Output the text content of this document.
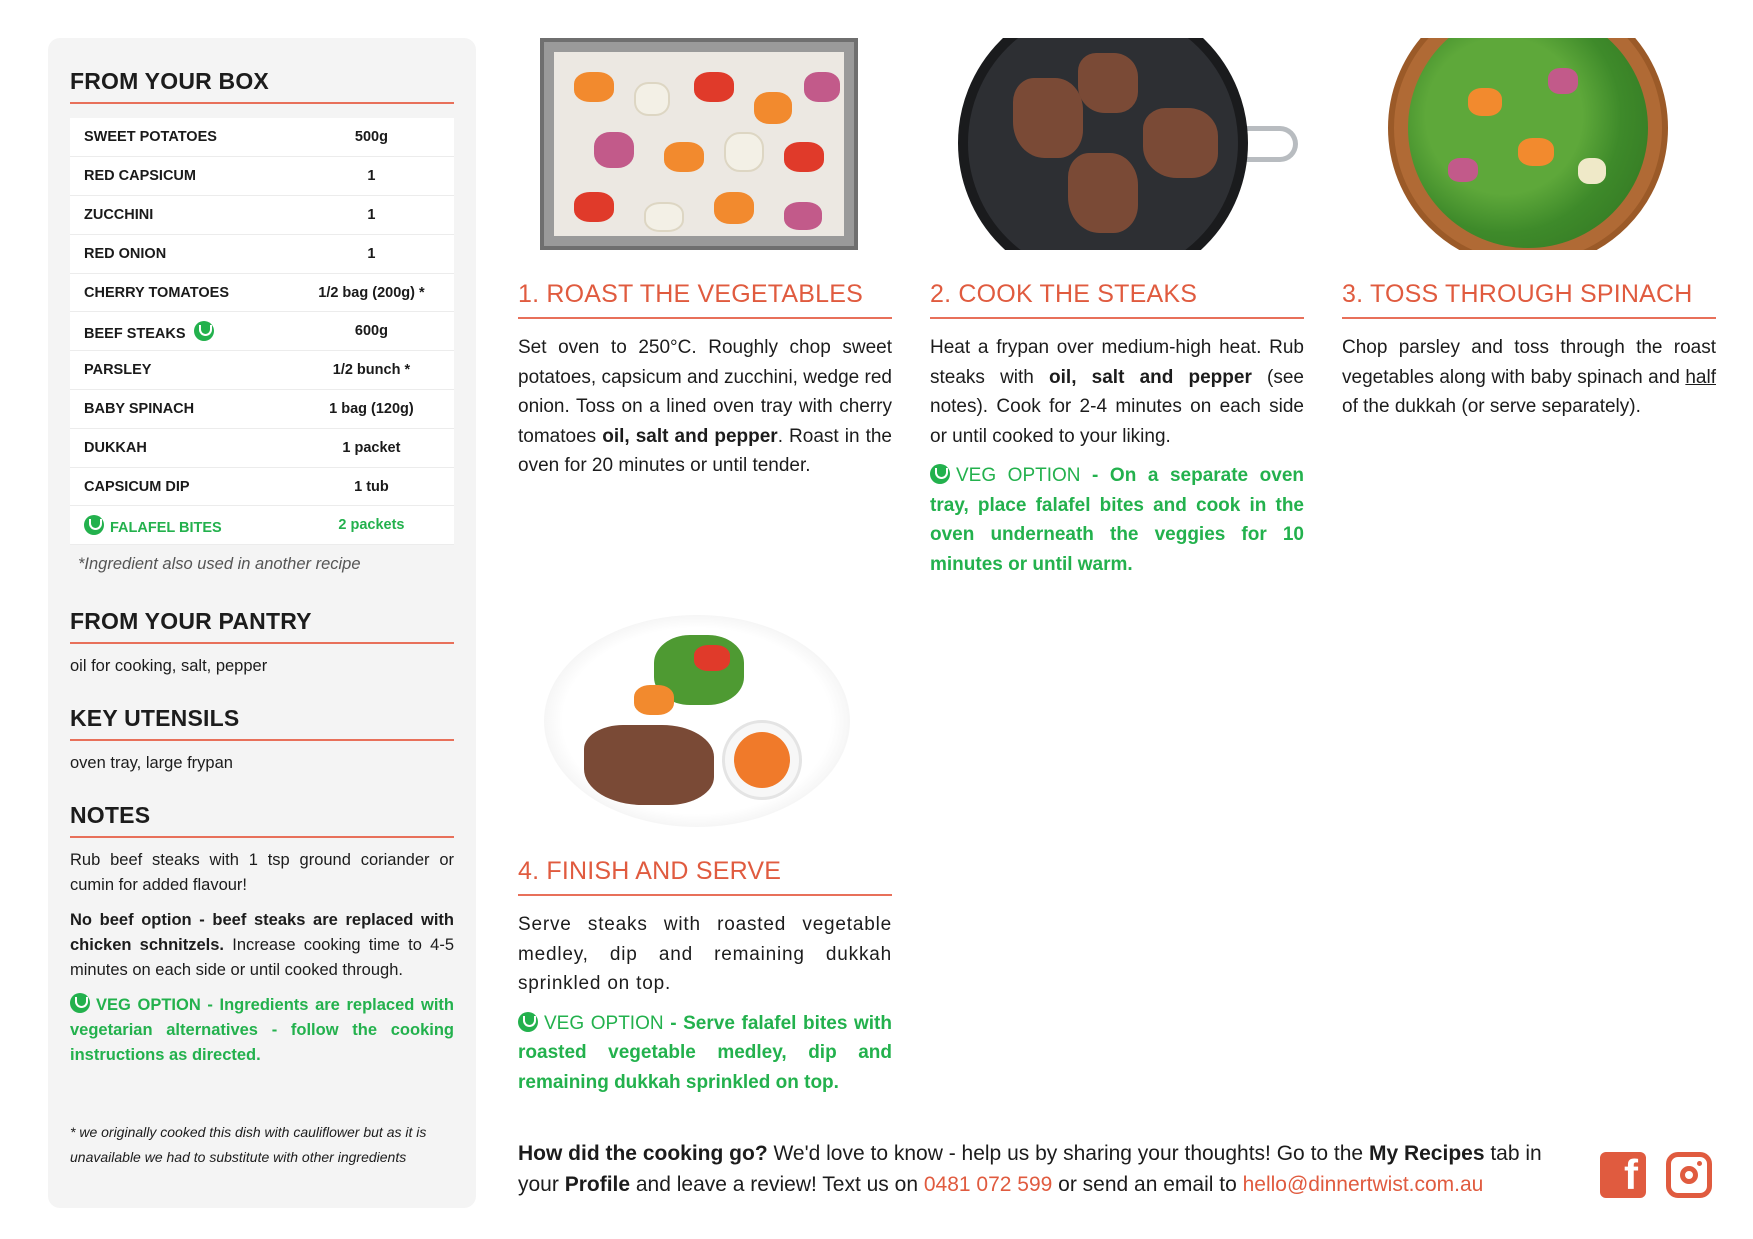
FROM YOUR BOX
SWEET POTATOES	500g
RED CAPSICUM	1
ZUCCHINI	1
RED ONION	1
CHERRY TOMATOES	1/2 bag (200g) *
BEEF STEAKS	600g
PARSLEY	1/2 bunch *
BABY SPINACH	1 bag (120g)
DUKKAH	1 packet
CAPSICUM DIP	1 tub
FALAFEL BITES	2 packets
*Ingredient also used in another recipe
FROM YOUR PANTRY
oil for cooking, salt, pepper
KEY UTENSILS
oven tray, large frypan
NOTES
Rub beef steaks with 1 tsp ground coriander or cumin for added flavour!
No beef option - beef steaks are replaced with chicken schnitzels. Increase cooking time to 4-5 minutes on each side or until cooked through.
VEG OPTION - Ingredients are replaced with vegetarian alternatives - follow the cooking instructions as directed.
* we originally cooked this dish with cauliflower but as it is unavailable we had to substitute with other ingredients
1. ROAST THE VEGETABLES
Set oven to 250°C. Roughly chop sweet potatoes, capsicum and zucchini, wedge red onion. Toss on a lined oven tray with cherry tomatoes oil, salt and pepper. Roast in the oven for 20 minutes or until tender.
2. COOK THE STEAKS
Heat a frypan over medium-high heat. Rub steaks with oil, salt and pepper (see notes). Cook for 2-4 minutes on each side or until cooked to your liking.
VEG OPTION - On a separate oven tray, place falafel bites and cook in the oven underneath the veggies for 10 minutes or until warm.
3. TOSS THROUGH SPINACH
Chop parsley and toss through the roast vegetables along with baby spinach and half of the dukkah (or serve separately).
4. FINISH AND SERVE
Serve steaks with roasted vegetable medley, dip and remaining dukkah sprinkled on top.
VEG OPTION - Serve falafel bites with roasted vegetable medley, dip and remaining dukkah sprinkled on top.
How did the cooking go? We'd love to know - help us by sharing your thoughts! Go to the My Recipes tab in your Profile and leave a review! Text us on 0481 072 599 or send an email to hello@dinnertwist.com.au	f
